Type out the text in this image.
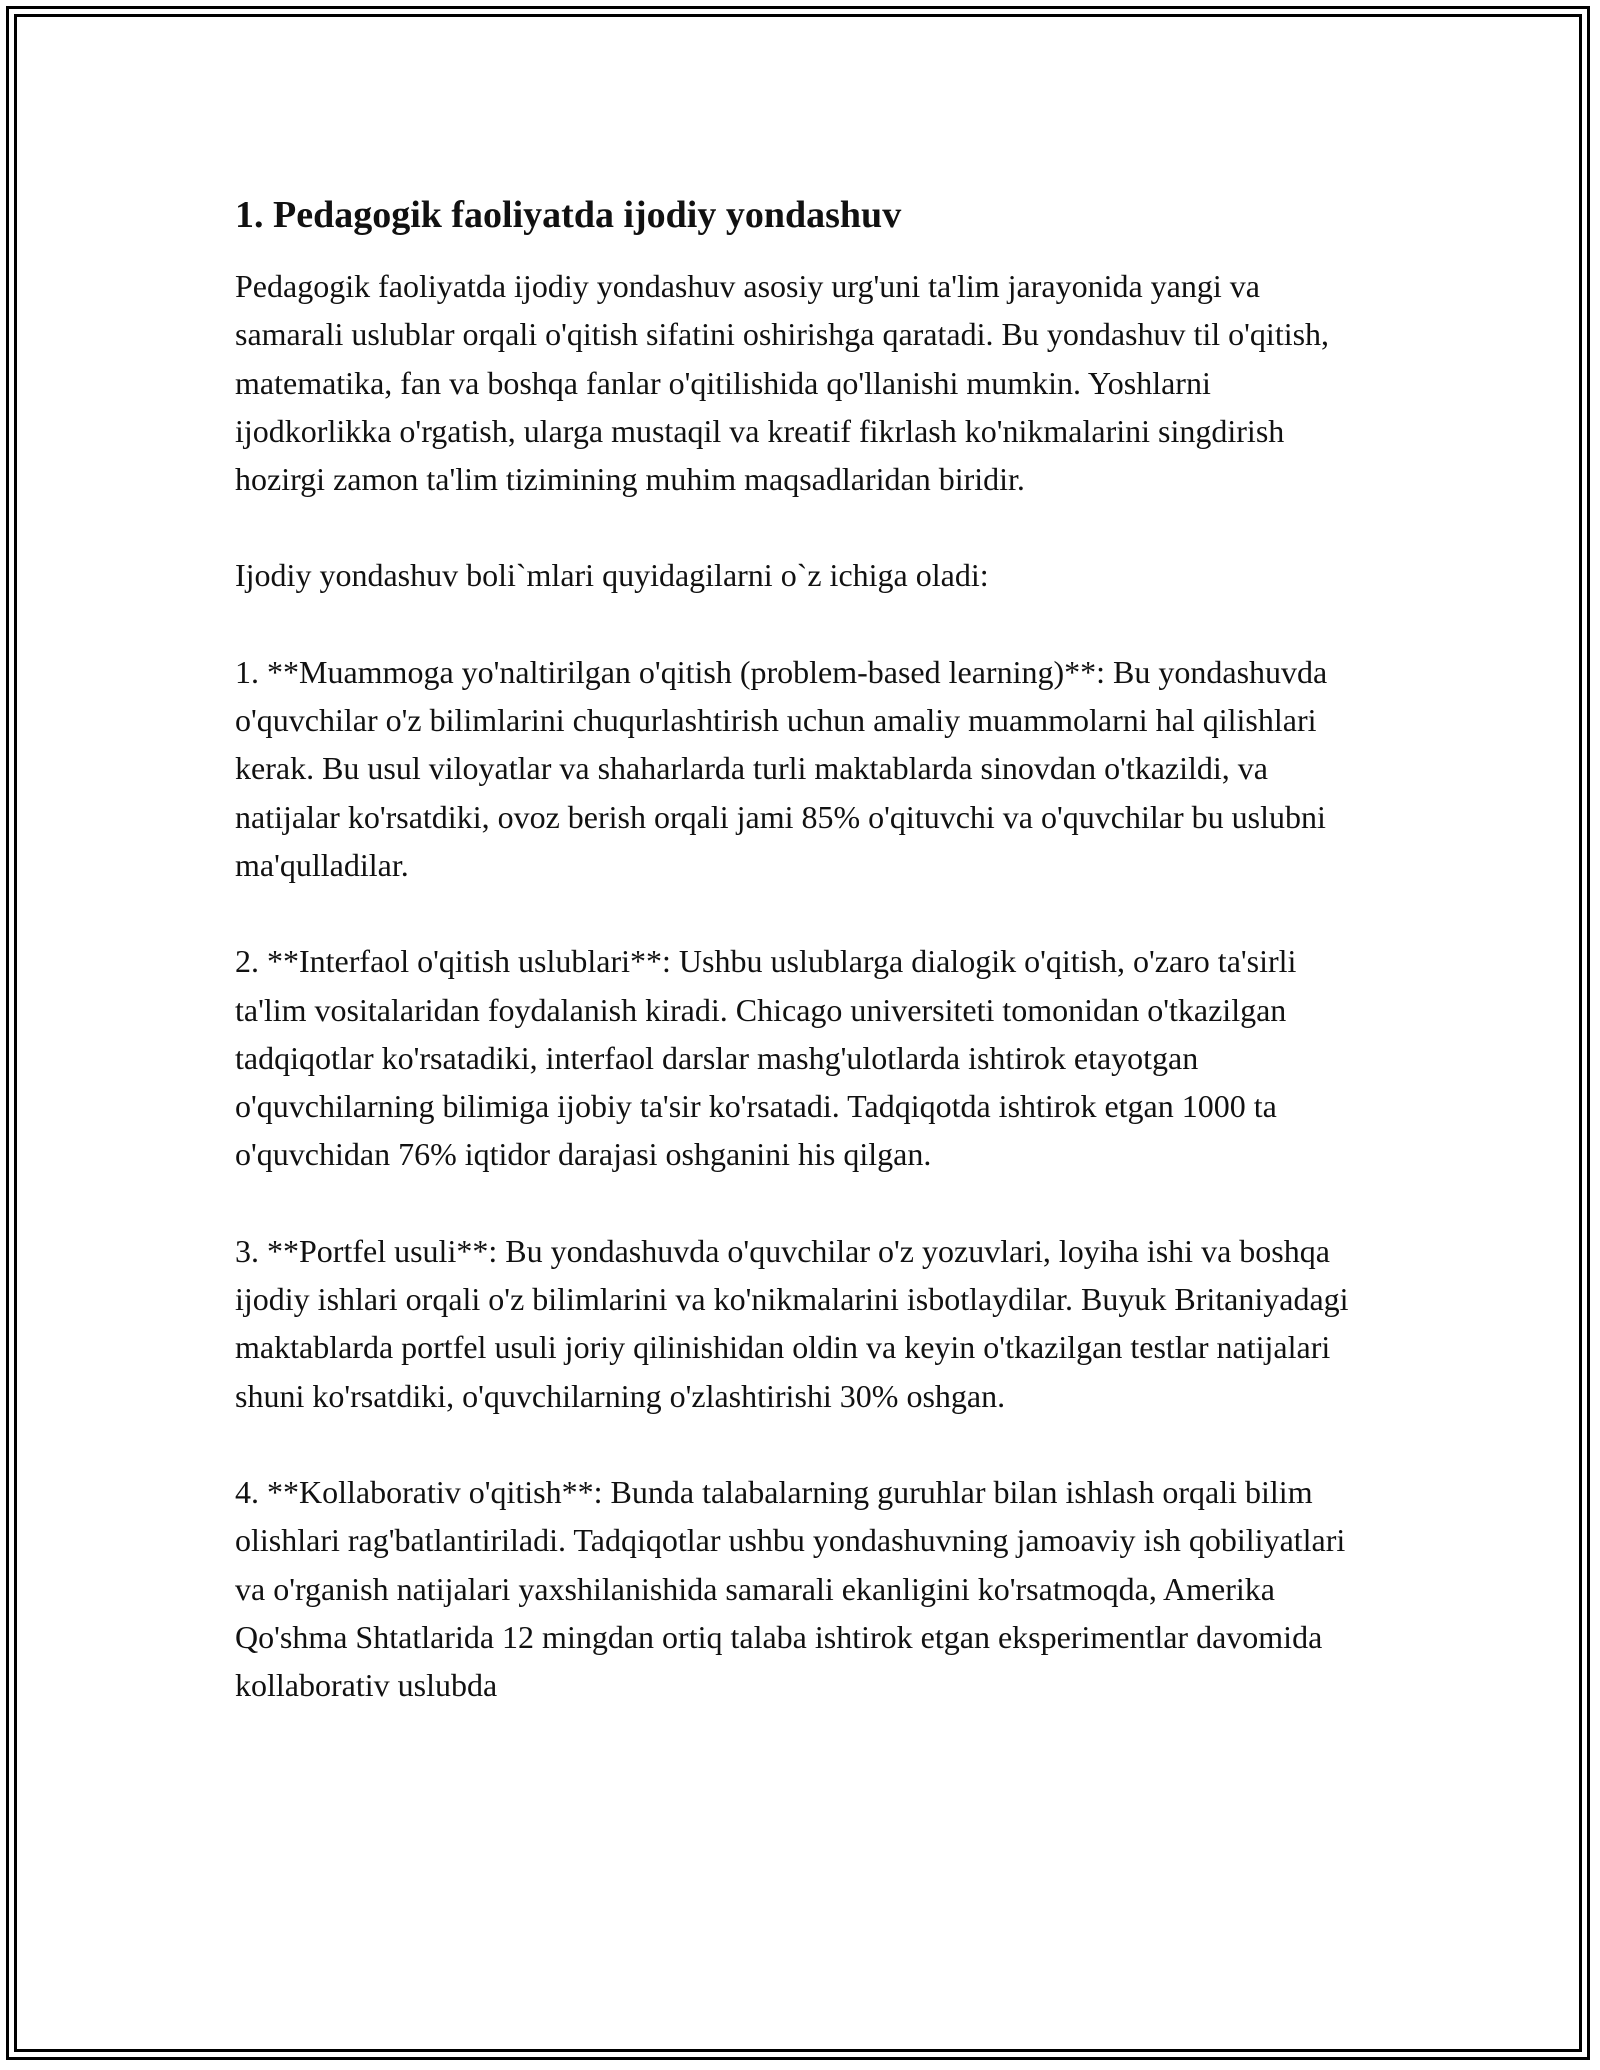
1. Pedagogik faoliyatda ijodiy yondashuv

Pedagogik faoliyatda ijodiy yondashuv asosiy urg'uni ta'lim jarayonida yangi va samarali uslublar orqali o'qitish sifatini oshirishga qaratadi. Bu yondashuv til o'qitish, matematika, fan va boshqa fanlar o'qitilishida qo'llanishi mumkin. Yoshlarni ijodkorlikka o'rgatish, ularga mustaqil va kreatif fikrlash ko'nikmalarini singdirish hozirgi zamon ta'lim tizimining muhim maqsadlaridan biridir.

Ijodiy yondashuv boli`mlari quyidagilarni o`z ichiga oladi:

1. **Muammoga yo'naltirilgan o'qitish (problem-based learning)**: Bu yondashuvda o'quvchilar o'z bilimlarini chuqurlashtirish uchun amaliy muammolarni hal qilishlari kerak. Bu usul viloyatlar va shaharlarda turli maktablarda sinovdan o'tkazildi, va natijalar ko'rsatdiki, ovoz berish orqali jami 85% o'qituvchi va o'quvchilar bu uslubni ma'qulladilar.

2. **Interfaol o'qitish uslublari**: Ushbu uslublarga dialogik o'qitish, o'zaro ta'sirli ta'lim vositalaridan foydalanish kiradi. Chicago universiteti tomonidan o'tkazilgan tadqiqotlar ko'rsatadiki, interfaol darslar mashg'ulotlarda ishtirok etayotgan o'quvchilarning bilimiga ijobiy ta'sir ko'rsatadi. Tadqiqotda ishtirok etgan 1000 ta o'quvchidan 76% iqtidor darajasi oshganini his qilgan.

3. **Portfel usuli**: Bu yondashuvda o'quvchilar o'z yozuvlari, loyiha ishi va boshqa ijodiy ishlari orqali o'z bilimlarini va ko'nikmalarini isbotlaydilar. Buyuk Britaniyadagi maktablarda portfel usuli joriy qilinishidan oldin va keyin o'tkazilgan testlar natijalari shuni ko'rsatdiki, o'quvchilarning o'zlashtirishi 30% oshgan.

4. **Kollaborativ o'qitish**: Bunda talabalarning guruhlar bilan ishlash orqali bilim olishlari rag'batlantiriladi. Tadqiqotlar ushbu yondashuvning jamoaviy ish qobiliyatlari va o'rganish natijalari yaxshilanishida samarali ekanligini ko'rsatmoqda, Amerika Qo'shma Shtatlarida 12 mingdan ortiq talaba ishtirok etgan eksperimentlar davomida kollaborativ uslubda
